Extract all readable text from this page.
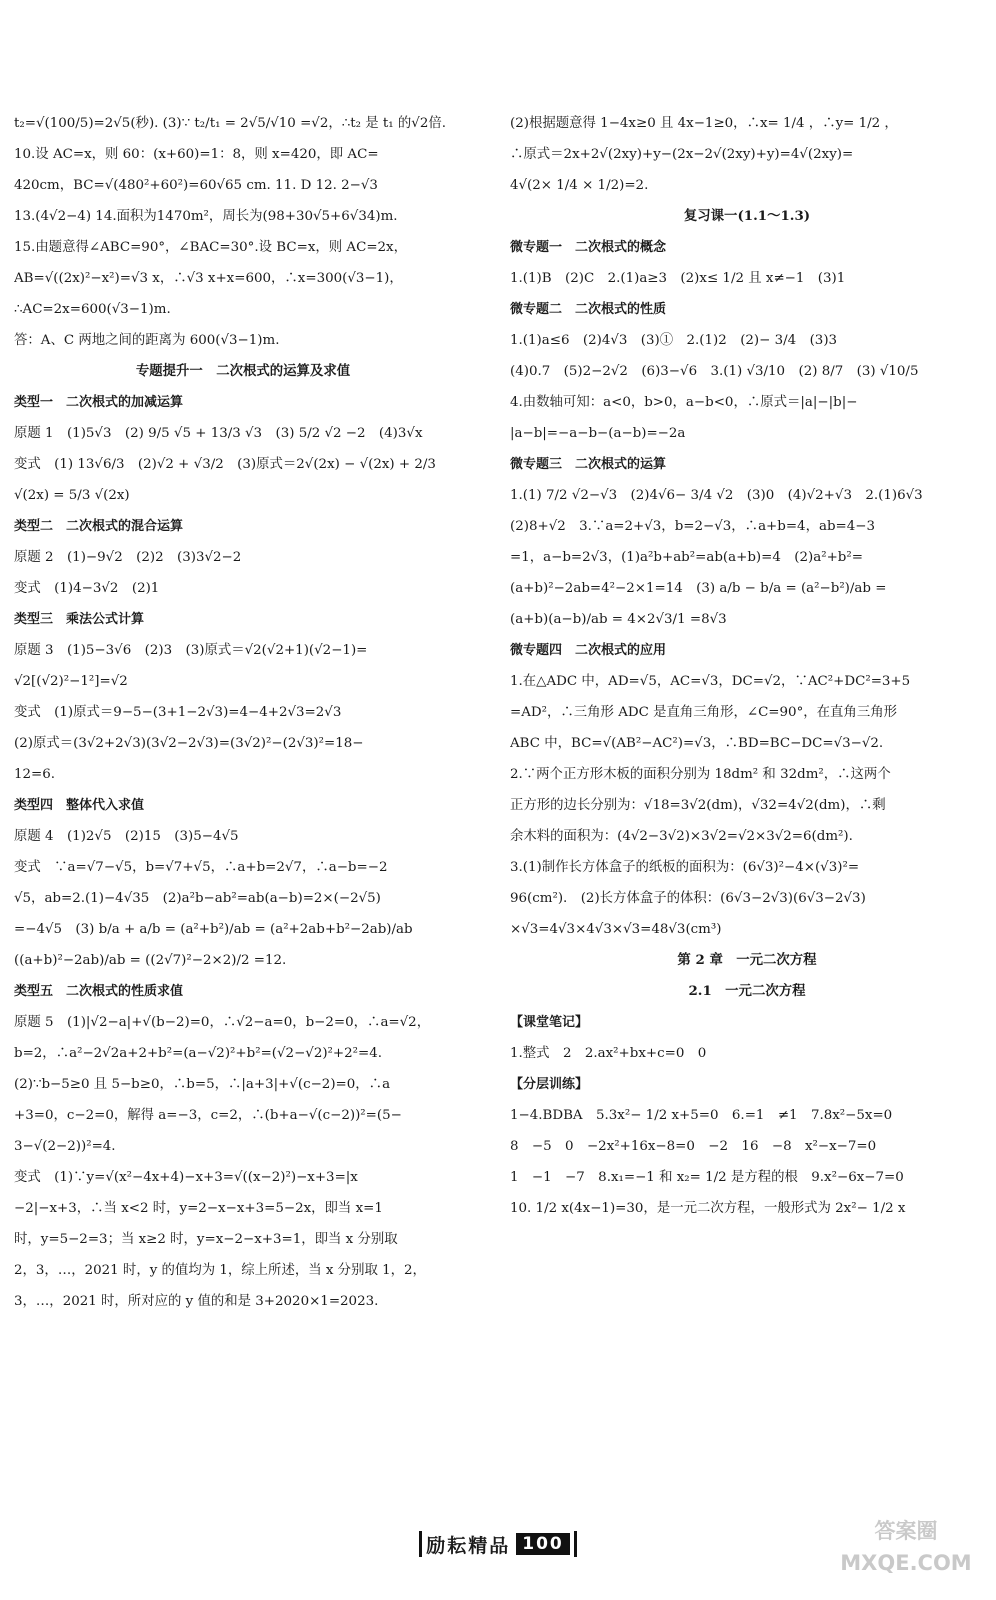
t₂=√(100/5)=2√5(秒). (3)∵ t₂/t₁ = 2√5/√10 =√2，∴t₂ 是 t₁ 的√2倍.
10.设 AC=x，则 60：(x+60)=1：8，则 x=420，即 AC=
420cm，BC=√(480²+60²)=60√65 cm. 11. D 12. 2−√3
13.(4√2−4) 14.面积为1470m²，周长为(98+30√5+6√34)m.
15.由题意得∠ABC=90°，∠BAC=30°.设 BC=x，则 AC=2x，
AB=√((2x)²−x²)=√3 x，∴√3 x+x=600，∴x=300(√3−1)，
∴AC=2x=600(√3−1)m.
答：A、C 两地之间的距离为 600(√3−1)m.
专题提升一　二次根式的运算及求值
类型一　二次根式的加减运算
原题 1　(1)5√3　(2) 9/5 √5 + 13/3 √3　(3) 5/2 √2 −2　(4)3√x
变式　(1) 13√6/3　(2)√2 + √3/2　(3)原式＝2√(2x) − √(2x) + 2/3
√(2x) = 5/3 √(2x)
类型二　二次根式的混合运算
原题 2　(1)−9√2　(2)2　(3)3√2−2
变式　(1)4−3√2　(2)1
类型三　乘法公式计算
原题 3　(1)5−3√6　(2)3　(3)原式＝√2(√2+1)(√2−1)=
√2[(√2)²−1²]=√2
变式　(1)原式＝9−5−(3+1−2√3)=4−4+2√3=2√3
(2)原式＝(3√2+2√3)(3√2−2√3)=(3√2)²−(2√3)²=18−
12=6.
类型四　整体代入求值
原题 4　(1)2√5　(2)15　(3)5−4√5
变式　∵a=√7−√5，b=√7+√5，∴a+b=2√7，∴a−b=−2
√5，ab=2.(1)−4√35　(2)a²b−ab²=ab(a−b)=2×(−2√5)
=−4√5　(3) b/a + a/b = (a²+b²)/ab = (a²+2ab+b²−2ab)/ab
((a+b)²−2ab)/ab = ((2√7)²−2×2)/2 =12.
类型五　二次根式的性质求值
原题 5　(1)|√2−a|+√(b−2)=0，∴√2−a=0，b−2=0，∴a=√2，
b=2，∴a²−2√2a+2+b²=(a−√2)²+b²=(√2−√2)²+2²=4.
(2)∵b−5≥0 且 5−b≥0，∴b=5，∴|a+3|+√(c−2)=0，∴a
+3=0，c−2=0，解得 a=−3，c=2，∴(b+a−√(c−2))²=(5−
3−√(2−2))²=4.
变式　(1)∵y=√(x²−4x+4)−x+3=√((x−2)²)−x+3=|x
−2|−x+3，∴当 x<2 时，y=2−x−x+3=5−2x，即当 x=1
时，y=5−2=3；当 x≥2 时，y=x−2−x+3=1，即当 x 分别取
2，3，…，2021 时，y 的值均为 1，综上所述，当 x 分别取 1，2，
3，…，2021 时，所对应的 y 值的和是 3+2020×1=2023.
(2)根据题意得 1−4x≥0 且 4x−1≥0，∴x= 1/4 ，∴y= 1/2 ，
∴原式＝2x+2√(2xy)+y−(2x−2√(2xy)+y)=4√(2xy)=
4√(2× 1/4 × 1/2)=2.
复习课一(1.1～1.3)
微专题一　二次根式的概念
1.(1)B　(2)C　2.(1)a≥3　(2)x≤ 1/2 且 x≠−1　(3)1
微专题二　二次根式的性质
1.(1)a≤6　(2)4√3　(3)①　2.(1)2　(2)− 3/4　(3)3
(4)0.7　(5)2−2√2　(6)3−√6　3.(1) √3/10　(2) 8/7　(3) √10/5
4.由数轴可知：a<0，b>0，a−b<0，∴原式＝|a|−|b|−
|a−b|=−a−b−(a−b)=−2a
微专题三　二次根式的运算
1.(1) 7/2 √2−√3　(2)4√6− 3/4 √2　(3)0　(4)√2+√3　2.(1)6√3
(2)8+√2　3.∵a=2+√3，b=2−√3，∴a+b=4，ab=4−3
=1，a−b=2√3，(1)a²b+ab²=ab(a+b)=4　(2)a²+b²=
(a+b)²−2ab=4²−2×1=14　(3) a/b − b/a = (a²−b²)/ab =
(a+b)(a−b)/ab = 4×2√3/1 =8√3
微专题四　二次根式的应用
1.在△ADC 中，AD=√5，AC=√3，DC=√2，∵AC²+DC²=3+5
=AD²，∴三角形 ADC 是直角三角形，∠C=90°，在直角三角形
ABC 中，BC=√(AB²−AC²)=√3，∴BD=BC−DC=√3−√2.
2.∵两个正方形木板的面积分别为 18dm² 和 32dm²，∴这两个
正方形的边长分别为：√18=3√2(dm)，√32=4√2(dm)，∴剩
余木料的面积为：(4√2−3√2)×3√2=√2×3√2=6(dm²).
3.(1)制作长方体盒子的纸板的面积为：(6√3)²−4×(√3)²=
96(cm²).　(2)长方体盒子的体积：(6√3−2√3)(6√3−2√3)
×√3=4√3×4√3×√3=48√3(cm³)
第 2 章　一元二次方程
2.1　一元二次方程
【课堂笔记】
1.整式　2　2.ax²+bx+c=0　0
【分层训练】
1−4.BDBA　5.3x²− 1/2 x+5=0　6.=1　≠1　7.8x²−5x=0
8　−5　0　−2x²+16x−8=0　−2　16　−8　x²−x−7=0
1　−1　−7　8.x₁=−1 和 x₂= 1/2 是方程的根　9.x²−6x−7=0
10. 1/2 x(4x−1)=30，是一元二次方程，一般形式为 2x²− 1/2 x
励耘精品 100
答案圈
MXQE.COM
